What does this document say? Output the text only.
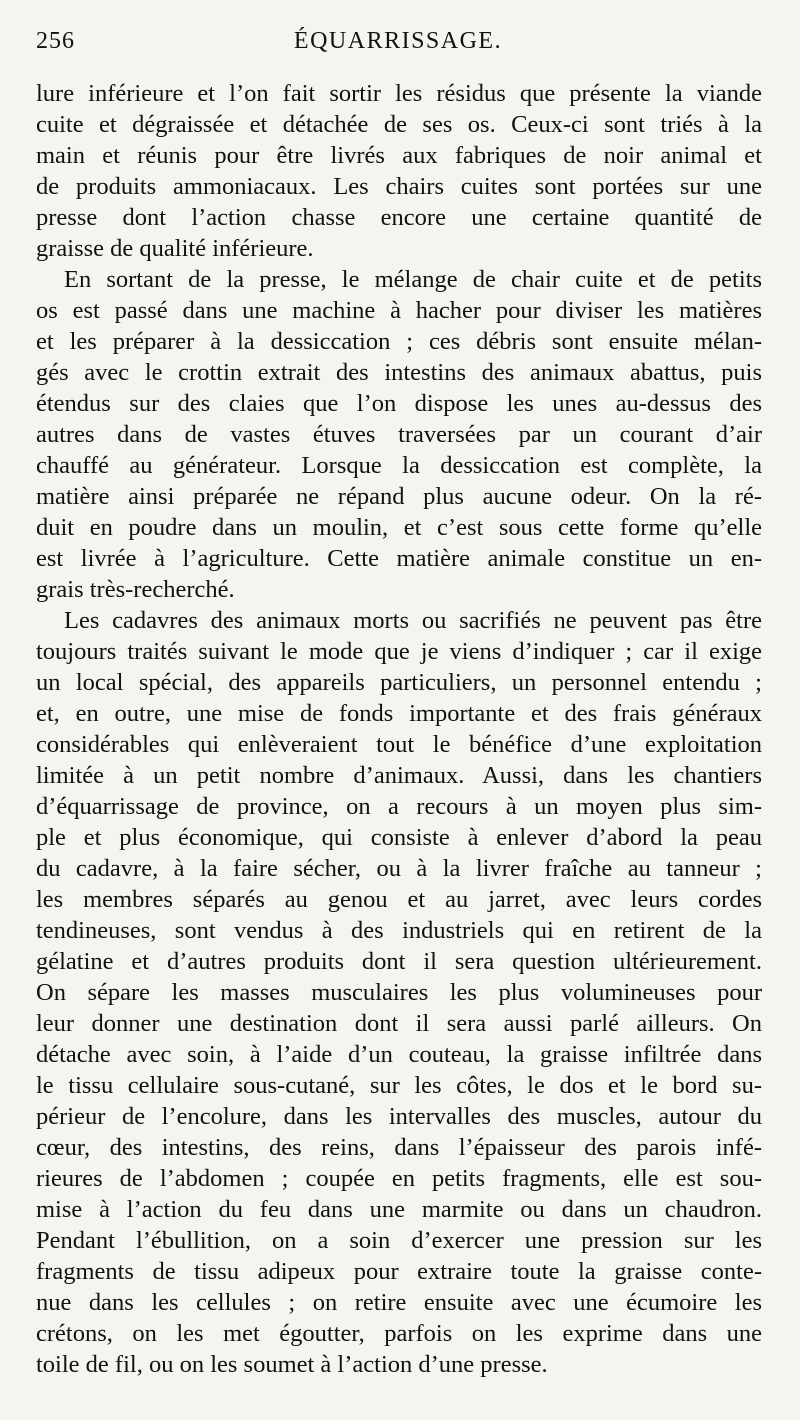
256	ÉQUARRISSAGE.
lure inférieure et l’on fait sortir les résidus que présente la viande
cuite et dégraissée et détachée de ses os. Ceux-ci sont triés à la
main et réunis pour être livrés aux fabriques de noir animal et
de produits ammoniacaux. Les chairs cuites sont portées sur une
presse dont l’action chasse encore une certaine quantité de
graisse de qualité inférieure.
En sortant de la presse, le mélange de chair cuite et de petits
os est passé dans une machine à hacher pour diviser les matières
et les préparer à la dessiccation ; ces débris sont ensuite mélan-
gés avec le crottin extrait des intestins des animaux abattus, puis
étendus sur des claies que l’on dispose les unes au-dessus des
autres dans de vastes étuves traversées par un courant d’air
chauffé au générateur. Lorsque la dessiccation est complète, la
matière ainsi préparée ne répand plus aucune odeur. On la ré-
duit en poudre dans un moulin, et c’est sous cette forme qu’elle
est livrée à l’agriculture. Cette matière animale constitue un en-
grais très-recherché.
Les cadavres des animaux morts ou sacrifiés ne peuvent pas être
toujours traités suivant le mode que je viens d’indiquer ; car il exige
un local spécial, des appareils particuliers, un personnel entendu ;
et, en outre, une mise de fonds importante et des frais généraux
considérables qui enlèveraient tout le bénéfice d’une exploitation
limitée à un petit nombre d’animaux. Aussi, dans les chantiers
d’équarrissage de province, on a recours à un moyen plus sim-
ple et plus économique, qui consiste à enlever d’abord la peau
du cadavre, à la faire sécher, ou à la livrer fraîche au tanneur ;
les membres séparés au genou et au jarret, avec leurs cordes
tendineuses, sont vendus à des industriels qui en retirent de la
gélatine et d’autres produits dont il sera question ultérieurement.
On sépare les masses musculaires les plus volumineuses pour
leur donner une destination dont il sera aussi parlé ailleurs. On
détache avec soin, à l’aide d’un couteau, la graisse infiltrée dans
le tissu cellulaire sous-cutané, sur les côtes, le dos et le bord su-
périeur de l’encolure, dans les intervalles des muscles, autour du
cœur, des intestins, des reins, dans l’épaisseur des parois infé-
rieures de l’abdomen ; coupée en petits fragments, elle est sou-
mise à l’action du feu dans une marmite ou dans un chaudron.
Pendant l’ébullition, on a soin d’exercer une pression sur les
fragments de tissu adipeux pour extraire toute la graisse conte-
nue dans les cellules ; on retire ensuite avec une écumoire les
crétons, on les met égoutter, parfois on les exprime dans une
toile de fil, ou on les soumet à l’action d’une presse.
